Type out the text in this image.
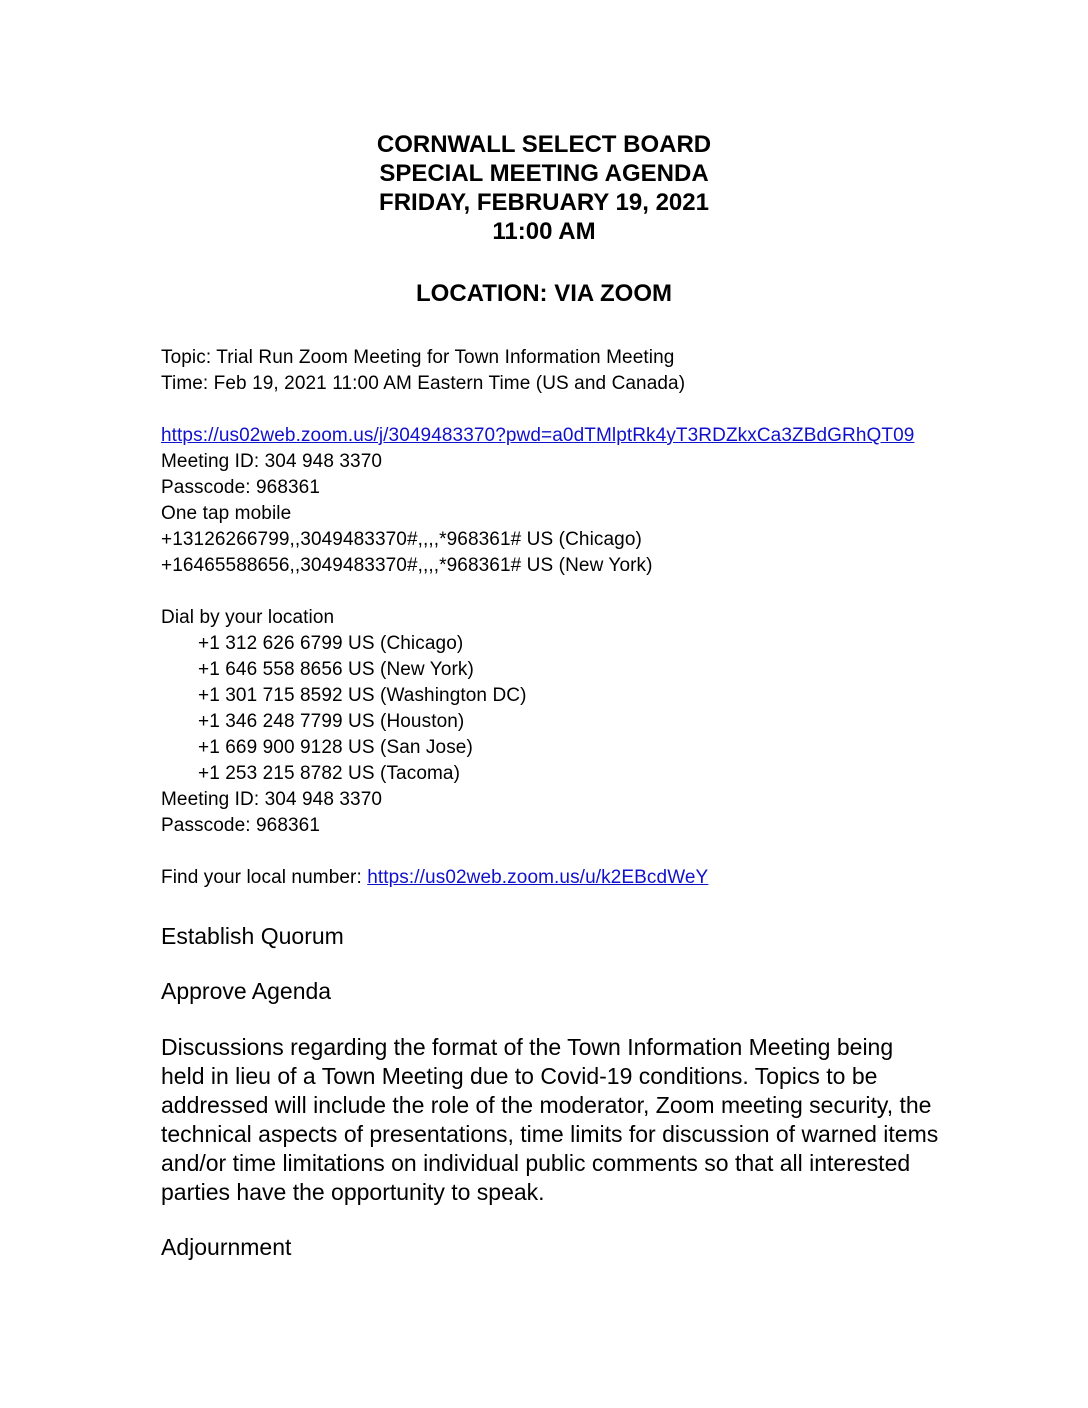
CORNWALL SELECT BOARD
SPECIAL MEETING AGENDA
FRIDAY, FEBRUARY 19, 2021
11:00 AM
LOCATION: VIA ZOOM
Topic: Trial Run Zoom Meeting for Town Information Meeting
Time: Feb 19, 2021 11:00 AM Eastern Time (US and Canada)
https://us02web.zoom.us/j/3049483370?pwd=a0dTMlptRk4yT3RDZkxCa3ZBdGRhQT09
Meeting ID: 304 948 3370
Passcode: 968361
One tap mobile
+13126266799,,3049483370#,,,,*968361# US (Chicago)
+16465588656,,3049483370#,,,,*968361# US (New York)
Dial by your location
+1 312 626 6799 US (Chicago)
+1 646 558 8656 US (New York)
+1 301 715 8592 US (Washington DC)
+1 346 248 7799 US (Houston)
+1 669 900 9128 US (San Jose)
+1 253 215 8782 US (Tacoma)
Meeting ID: 304 948 3370
Passcode: 968361
Find your local number: https://us02web.zoom.us/u/k2EBcdWeY
Establish Quorum
Approve Agenda
Discussions regarding the format of the Town Information Meeting being held in lieu of a Town Meeting due to Covid-19 conditions. Topics to be addressed will include the role of the moderator, Zoom meeting security, the technical aspects of presentations, time limits for discussion of warned items and/or time limitations on individual public comments so that all interested parties have the opportunity to speak.
Adjournment
